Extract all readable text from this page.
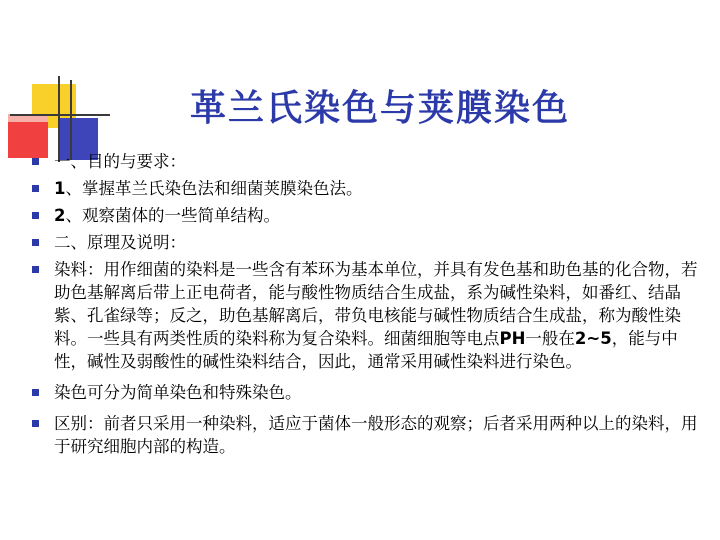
革兰氏染色与荚膜染色
一、目的与要求：
1、掌握革兰氏染色法和细菌荚膜染色法。
2、观察菌体的一些简单结构。
二、原理及说明：
染料：用作细菌的染料是一些含有苯环为基本单位，并具有发色基和助色基的化合物，若助色基解离后带上正电荷者，能与酸性物质结合生成盐，系为碱性染料，如番红、结晶紫、孔雀绿等；反之，助色基解离后，带负电核能与碱性物质结合生成盐，称为酸性染料。一些具有两类性质的染料称为复合染料。细菌细胞等电点PH一般在2~5，能与中性，碱性及弱酸性的碱性染料结合，因此，通常采用碱性染料进行染色。
染色可分为简单染色和特殊染色。
区别：前者只采用一种染料，适应于菌体一般形态的观察；后者采用两种以上的染料，用于研究细胞内部的构造。
